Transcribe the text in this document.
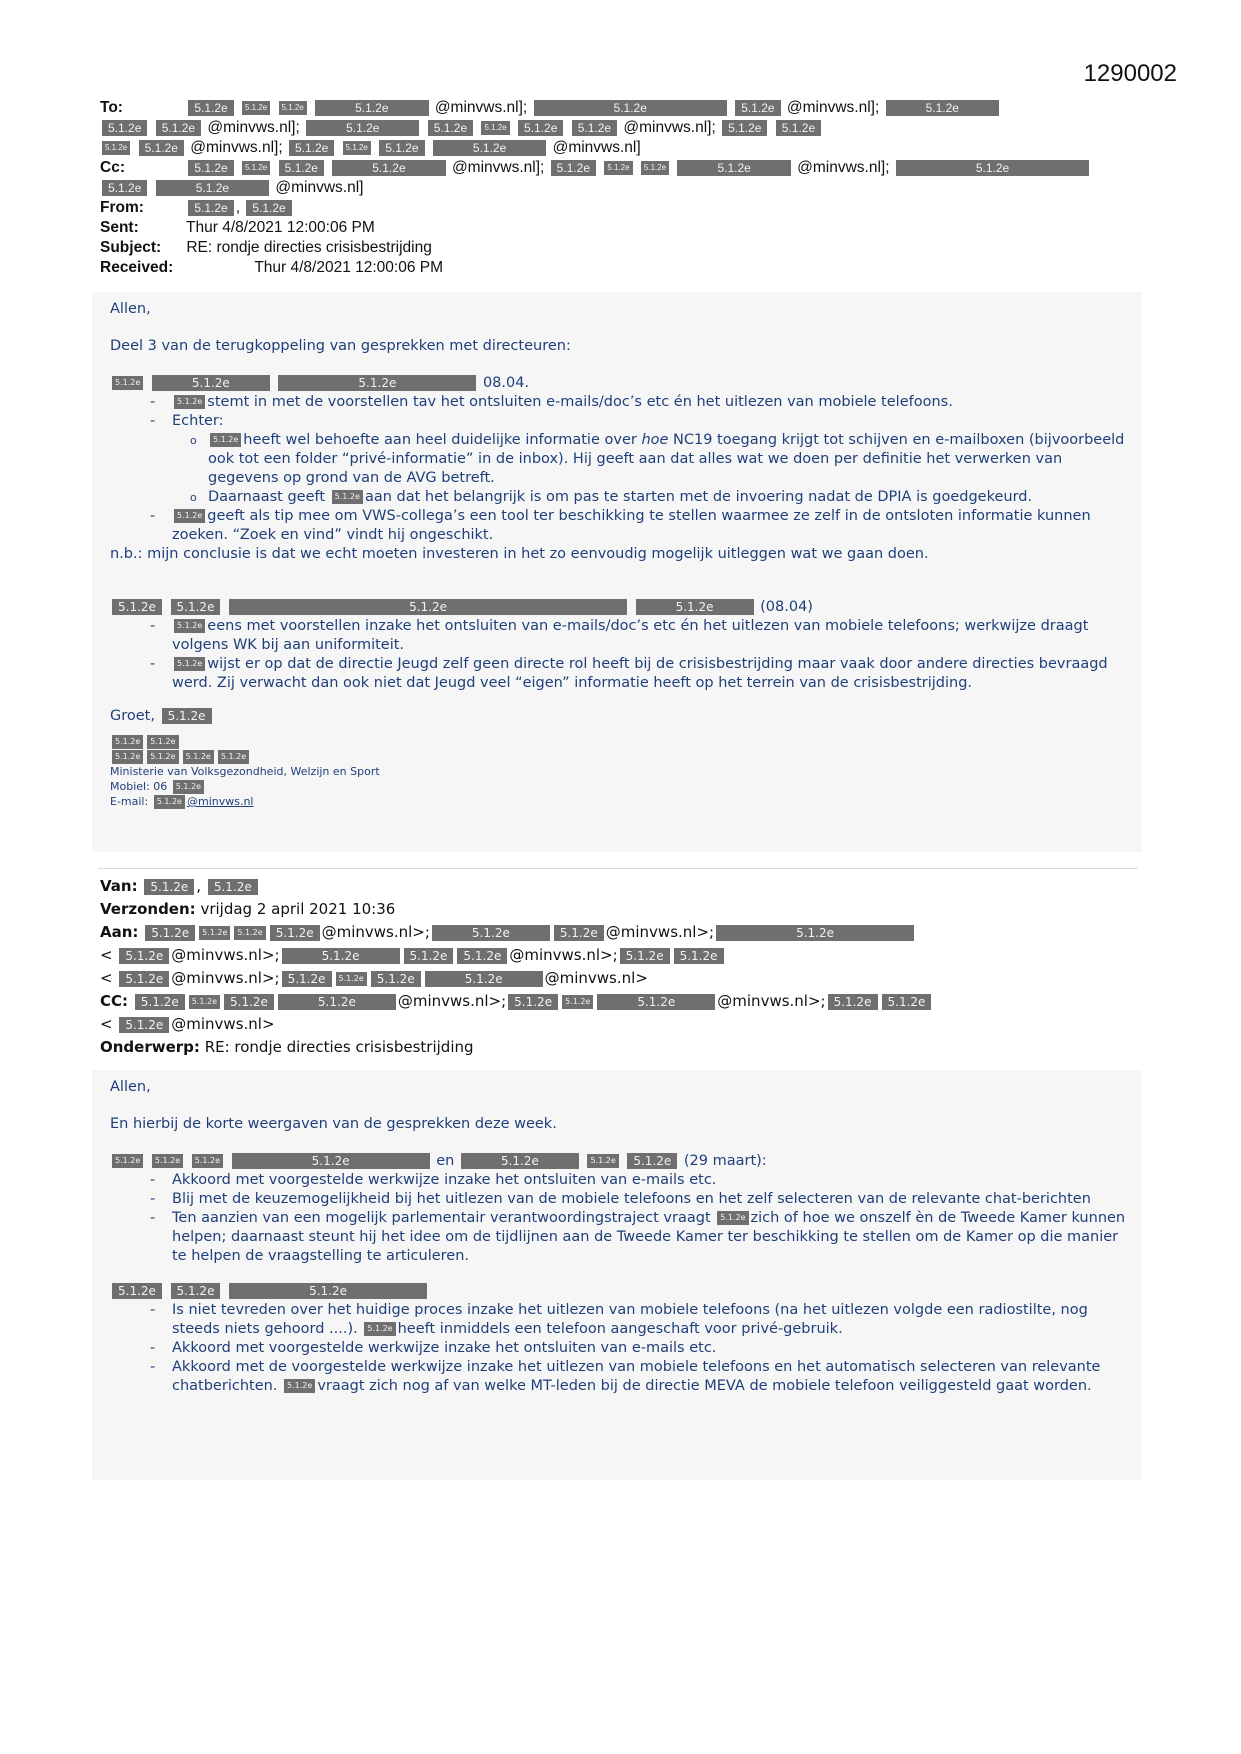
1290002
To:	5.1.2e 5.1.2e 5.1.2e	5.1.2e	@minvws.nl];	5.1.2e	5.1.2e @minvws.nl];	5.1.2e
5.1.2e 5.1.2e @minvws.nl];	5.1.2e	5.1.2e 5.1.2e 5.1.2e 5.1.2e @minvws.nl]; 5.1.2e 5.1.2e
5.1.2e 5.1.2e @minvws.nl]; 5.1.2e 5.1.2e 5.1.2e	5.1.2e	@minvws.nl]
Cc:	5.1.2e 5.1.2e 5.1.2e	5.1.2e	@minvws.nl]; 5.1.2e 5.1.2e 5.1.2e	5.1.2e	@minvws.nl];	5.1.2e
5.1.2e	5.1.2e	@minvws.nl]
From:	5.1.2e , 5.1.2e
Sent:	Thur 4/8/2021 12:00:06 PM
Subject: RE: rondje directies crisisbestrijding
Received:	Thur 4/8/2021 12:00:06 PM

Allen,

Deel 3 van de terugkoppeling van gesprekken met directeuren:

5.1.2e	5.1.2e	5.1.2e	08.04.
- 5.1.2e stemt in met de voorstellen tav het ontsluiten e-mails/doc’s etc én het uitlezen van mobiele telefoons.
- Echter:
o 5.1.2e heeft wel behoefte aan heel duidelijke informatie over hoe NC19 toegang krijgt tot schijven en e-mailboxen (bijvoorbeeld ook tot een folder “privé-informatie” in de inbox). Hij geeft aan dat alles wat we doen per definitie het verwerken van gegevens op grond van de AVG betreft.
o Daarnaast geeft 5.1.2e aan dat het belangrijk is om pas te starten met de invoering nadat de DPIA is goedgekeurd.
- 5.1.2e geeft als tip mee om VWS-collega’s een tool ter beschikking te stellen waarmee ze zelf in de ontsloten informatie kunnen zoeken. “Zoek en vind” vindt hij ongeschikt.

n.b.: mijn conclusie is dat we echt moeten investeren in het zo eenvoudig mogelijk uitleggen wat we gaan doen.

5.1.2e 5.1.2e	5.1.2e	5.1.2e	(08.04)
- 5.1.2e eens met voorstellen inzake het ontsluiten van e-mails/doc’s etc én het uitlezen van mobiele telefoons; werkwijze draagt volgens WK bij aan uniformiteit.
- 5.1.2e wijst er op dat de directie Jeugd zelf geen directe rol heeft bij de crisisbestrijding maar vaak door andere directies bevraagd werd. Zij verwacht dan ook niet dat Jeugd veel “eigen” informatie heeft op het terrein van de crisisbestrijding.

Groet, 5.1.2e

5.1.2e 5.1.2e
5.1.2e 5.1.2e 5.1.2e 5.1.2e
Ministerie van Volksgezondheid, Welzijn en Sport
Mobiel: 06 5.1.2e
E-mail: 5.1.2e @minvws.nl
Van: 5.1.2e , 5.1.2e
Verzonden: vrijdag 2 april 2021 10:36
Aan: 5.1.2e 5.1.2e 5.1.2e 5.1.2e @minvws.nl>;	5.1.2e	5.1.2e @minvws.nl>;	5.1.2e
< 5.1.2e @minvws.nl>;	5.1.2e	5.1.2e 5.1.2e @minvws.nl>; 5.1.2e 5.1.2e
< 5.1.2e @minvws.nl>; 5.1.2e 5.1.2e 5.1.2e	5.1.2e	@minvws.nl>
CC: 5.1.2e 5.1.2e 5.1.2e	5.1.2e	@minvws.nl>; 5.1.2e 5.1.2e	5.1.2e	@minvws.nl>; 5.1.2e 5.1.2e
< 5.1.2e @minvws.nl>
Onderwerp: RE: rondje directies crisisbestrijding

Allen,

En hierbij de korte weergaven van de gesprekken deze week.

5.1.2e 5.1.2e 5.1.2e	5.1.2e	en	5.1.2e	5.1.2e 5.1.2e (29 maart):
- Akkoord met voorgestelde werkwijze inzake het ontsluiten van e-mails etc.
- Blij met de keuzemogelijkheid bij het uitlezen van de mobiele telefoons en het zelf selecteren van de relevante chat-berichten
- Ten aanzien van een mogelijk parlementair verantwoordingstraject vraagt 5.1.2e zich of hoe we onszelf èn de Tweede Kamer kunnen helpen; daarnaast steunt hij het idee om de tijdlijnen aan de Tweede Kamer ter beschikking te stellen om de Kamer op die manier te helpen de vraagstelling te articuleren.
5.1.2e 5.1.2e	5.1.2e
- Is niet tevreden over het huidige proces inzake het uitlezen van mobiele telefoons (na het uitlezen volgde een radiostilte, nog steeds niets gehoord ....). 5.1.2e heeft inmiddels een telefoon aangeschaft voor privé-gebruik.
- Akkoord met voorgestelde werkwijze inzake het ontsluiten van e-mails etc.
- Akkoord met de voorgestelde werkwijze inzake het uitlezen van mobiele telefoons en het automatisch selecteren van relevante chatberichten. 5.1.2e vraagt zich nog af van welke MT-leden bij de directie MEVA de mobiele telefoon veiliggesteld gaat worden.
